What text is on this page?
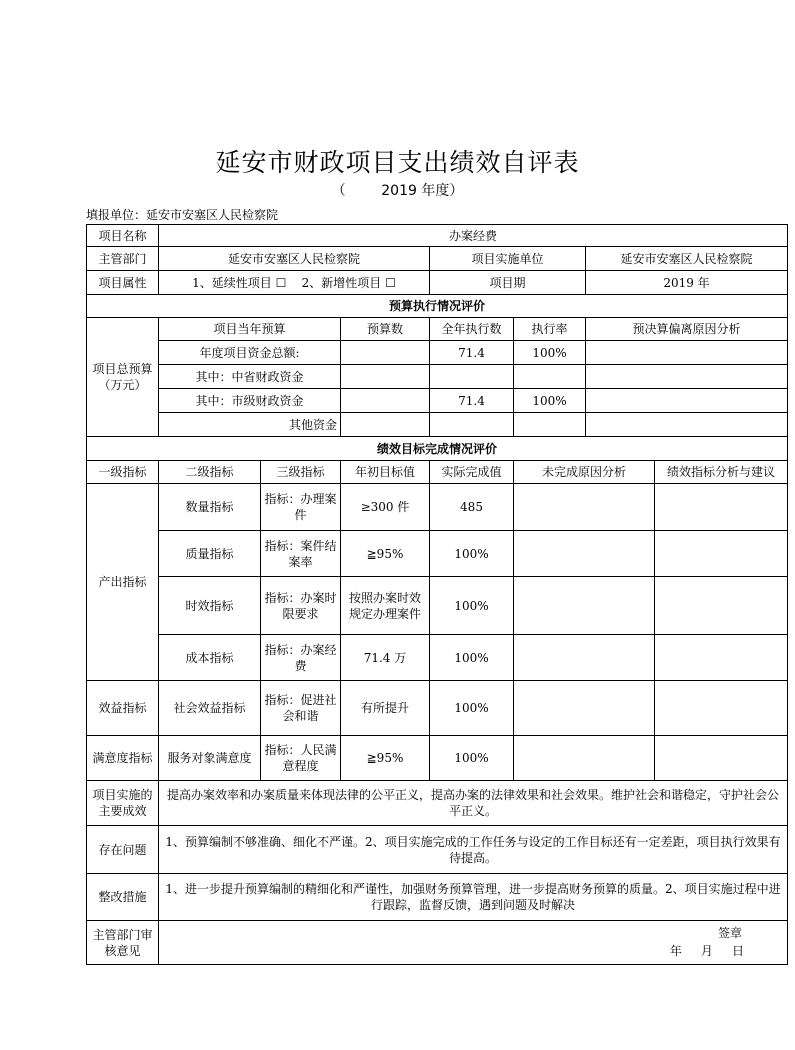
延安市财政项目支出绩效自评表
（        2019 年度）
填报单位：延安市安塞区人民检察院
项目名称	办案经费						
主管部门	延安市安塞区人民检察院			项目实施单位		延安市安塞区人民检察院	
项目属性	1、延续性项目 ☐    2、新增性项目 ☐			项目期		2019 年	
预算执行情况评价							
项目总预算（万元）	项目当年预算		预算数	全年执行数	执行率	预决算偏离原因分析	
	年度项目资金总额:			71.4	100%		
	其中：中省财政资金						
	其中：市级财政资金			71.4	100%		
	其他资金						
绩效目标完成情况评价							
一级指标	二级指标	三级指标	年初目标值	实际完成值	未完成原因分析		绩效指标分析与建议
产出指标	数量指标	指标：办理案件	≥300 件	485			
	质量指标	指标：案件结案率	≧95%	100%			
	时效指标	指标：办案时限要求	按照办案时效规定办理案件	100%			
	成本指标	指标：办案经费	71.4 万	100%			
效益指标	社会效益指标	指标：促进社会和谐	有所提升	100%			
满意度指标	服务对象满意度	指标：人民满意程度	≧95%	100%			
项目实施的主要成效	提高办案效率和办案质量来体现法律的公平正义，提高办案的法律效果和社会效果。维护社会和谐稳定，守护社会公平正义。						
存在问题	1、预算编制不够准确、细化不严谨。2、项目实施完成的工作任务与设定的工作目标还有一定差距，项目执行效果有待提高。						
整改措施	1、进一步提升预算编制的精细化和严谨性，加强财务预算管理，进一步提高财务预算的质量。2、项目实施过程中进行跟踪，监督反馈，遇到问题及时解决						
主管部门审核意见	签章
年     月     日						
